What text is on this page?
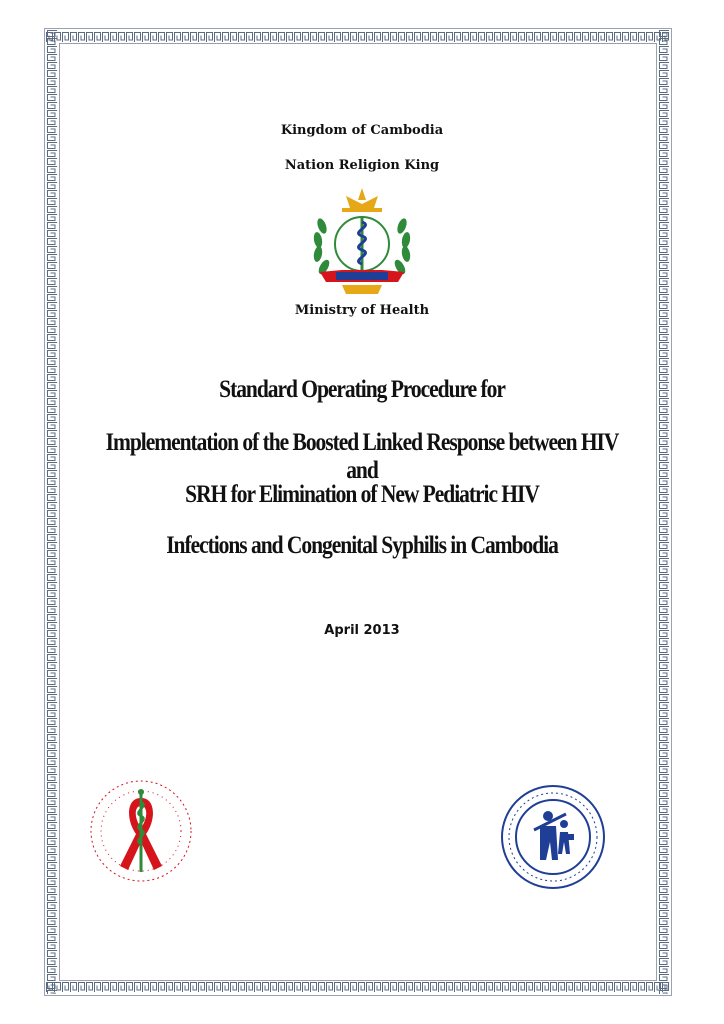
Kingdom of Cambodia
Nation Religion King
Ministry of Health
Standard Operating Procedure for
Implementation of the Boosted Linked Response between HIV and
SRH for Elimination of New Pediatric HIV
Infections and Congenital Syphilis in Cambodia
April 2013
